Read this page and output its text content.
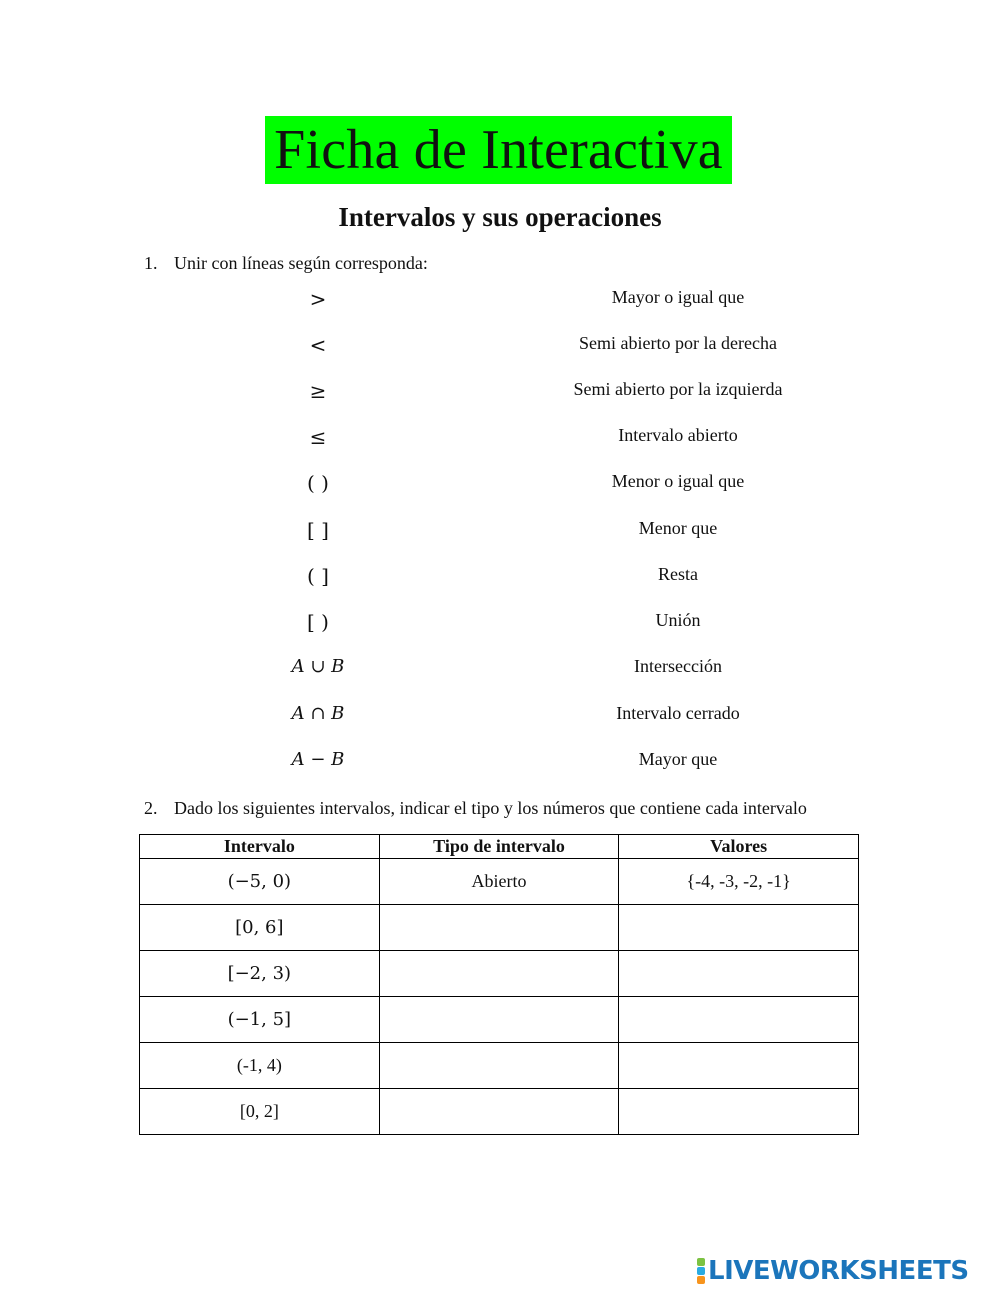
Ficha de Interactiva
Intervalos y sus operaciones
1. Unir con líneas según corresponda:
>	Mayor o igual que
<	Semi abierto por la derecha
≥	Semi abierto por la izquierda
≤	Intervalo abierto
( )	Menor o igual que
[ ]	Menor que
( ]	Resta
[ )	Unión
A ∪ B	Intersección
A ∩ B	Intervalo cerrado
A − B	Mayor que
2. Dado los siguientes intervalos, indicar el tipo y los números que contiene cada intervalo
Intervalo	Tipo de intervalo	Valores
(−5, 0)	Abierto	{-4, -3, -2, -1}
[0, 6]		
[−2, 3)		
(−1, 5]		
(-1, 4)		
[0, 2]		
LIVEWORKSHEETS
